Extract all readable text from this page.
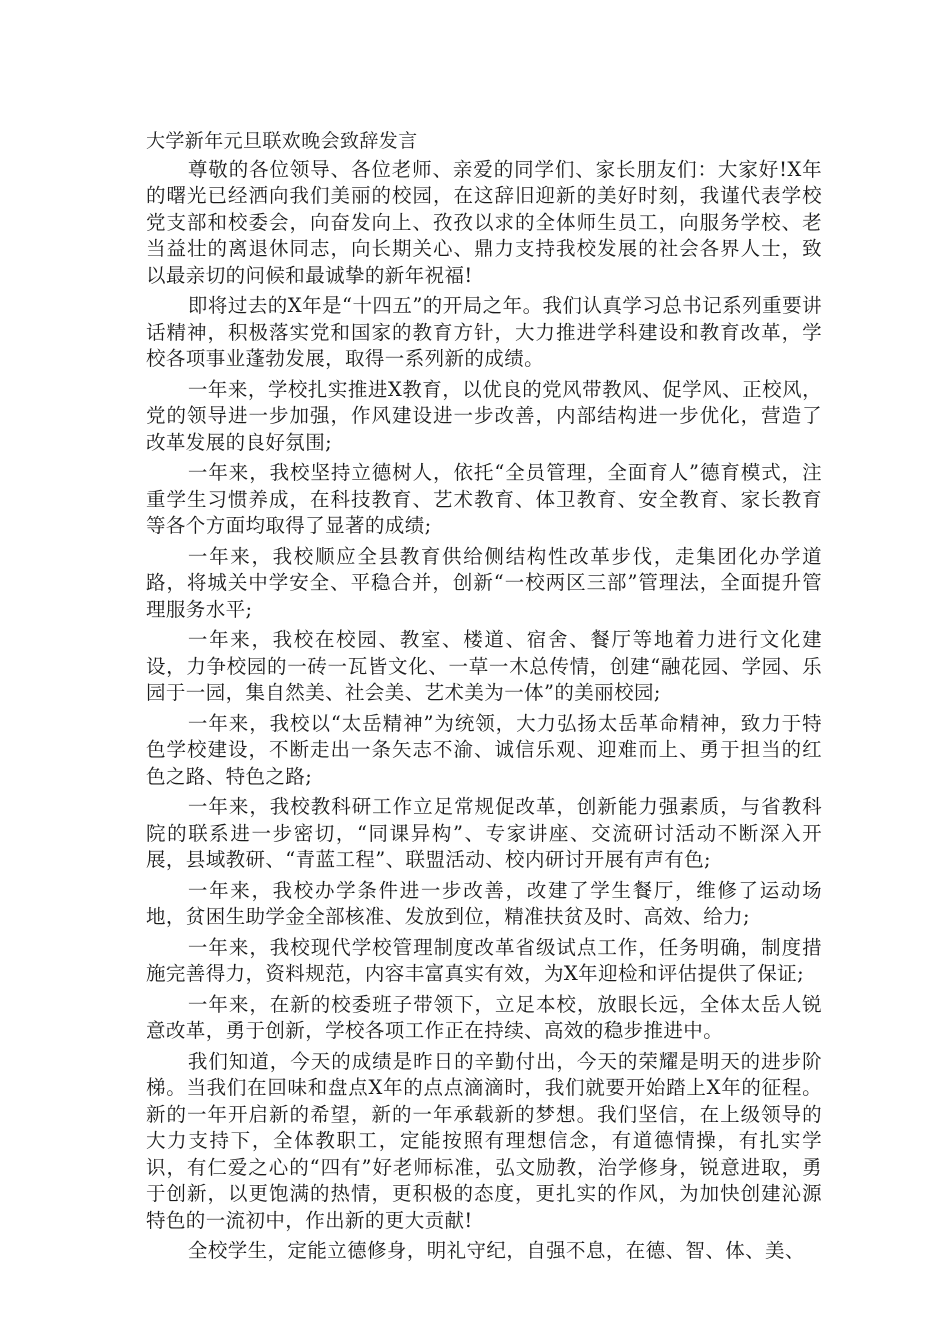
大学新年元旦联欢晚会致辞发言

尊敬的各位领导、各位老师、亲爱的同学们、家长朋友们：大家好!X年的曙光已经洒向我们美丽的校园，在这辞旧迎新的美好时刻，我谨代表学校党支部和校委会，向奋发向上、孜孜以求的全体师生员工，向服务学校、老当益壮的离退休同志，向长期关心、鼎力支持我校发展的社会各界人士，致以最亲切的问候和最诚挚的新年祝福!

即将过去的X年是“十四五”的开局之年。我们认真学习总书记系列重要讲话精神，积极落实党和国家的教育方针，大力推进学科建设和教育改革，学校各项事业蓬勃发展，取得一系列新的成绩。

一年来，学校扎实推进X教育，以优良的党风带教风、促学风、正校风，党的领导进一步加强，作风建设进一步改善，内部结构进一步优化，营造了改革发展的良好氛围;

一年来，我校坚持立德树人，依托“全员管理，全面育人”德育模式，注重学生习惯养成，在科技教育、艺术教育、体卫教育、安全教育、家长教育等各个方面均取得了显著的成绩;

一年来，我校顺应全县教育供给侧结构性改革步伐，走集团化办学道路，将城关中学安全、平稳合并，创新“一校两区三部”管理法，全面提升管理服务水平;

一年来，我校在校园、教室、楼道、宿舍、餐厅等地着力进行文化建设，力争校园的一砖一瓦皆文化、一草一木总传情，创建“融花园、学园、乐园于一园，集自然美、社会美、艺术美为一体”的美丽校园;

一年来，我校以“太岳精神”为统领，大力弘扬太岳革命精神，致力于特色学校建设，不断走出一条矢志不渝、诚信乐观、迎难而上、勇于担当的红色之路、特色之路;

一年来，我校教科研工作立足常规促改革，创新能力强素质，与省教科院的联系进一步密切，“同课异构”、专家讲座、交流研讨活动不断深入开展，县域教研、“青蓝工程”、联盟活动、校内研讨开展有声有色;

一年来，我校办学条件进一步改善，改建了学生餐厅，维修了运动场地，贫困生助学金全部核准、发放到位，精准扶贫及时、高效、给力;

一年来，我校现代学校管理制度改革省级试点工作，任务明确，制度措施完善得力，资料规范，内容丰富真实有效，为X年迎检和评估提供了保证;

一年来，在新的校委班子带领下，立足本校，放眼长远，全体太岳人锐意改革，勇于创新，学校各项工作正在持续、高效的稳步推进中。

我们知道，今天的成绩是昨日的辛勤付出，今天的荣耀是明天的进步阶梯。当我们在回味和盘点X年的点点滴滴时，我们就要开始踏上X年的征程。新的一年开启新的希望，新的一年承载新的梦想。我们坚信，在上级领导的大力支持下，全体教职工，定能按照有理想信念，有道德情操，有扎实学识，有仁爱之心的“四有”好老师标准，弘文励教，治学修身，锐意进取，勇于创新，以更饱满的热情，更积极的态度，更扎实的作风，为加快创建沁源特色的一流初中，作出新的更大贡献!

全校学生，定能立德修身，明礼守纪，自强不息，在德、智、体、美、
